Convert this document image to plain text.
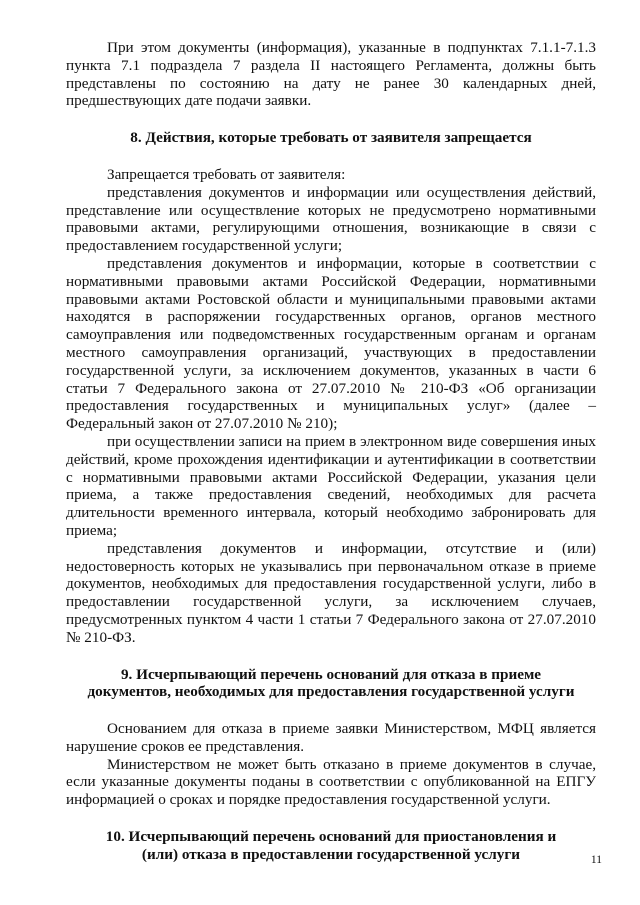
При этом документы (информация), указанные в подпунктах 7.1.1-7.1.3 пункта 7.1 подраздела 7 раздела II настоящего Регламента, должны быть представлены по состоянию на дату не ранее 30 календарных дней, предшествующих дате подачи заявки.

8. Действия, которые требовать от заявителя запрещается

Запрещается требовать от заявителя:

представления документов и информации или осуществления действий, представление или осуществление которых не предусмотрено нормативными правовыми актами, регулирующими отношения, возникающие в связи с предоставлением государственной услуги;

представления документов и информации, которые в соответствии с нормативными правовыми актами Российской Федерации, нормативными правовыми актами Ростовской области и муниципальными правовыми актами находятся в распоряжении государственных органов, органов местного самоуправления или подведомственных государственным органам и органам местного самоуправления организаций, участвующих в предоставлении государственной услуги, за исключением документов, указанных в части 6 статьи 7 Федерального закона от 27.07.2010 № 210-ФЗ «Об организации предоставления государственных и муниципальных услуг» (далее – Федеральный закон от 27.07.2010 № 210);

при осуществлении записи на прием в электронном виде совершения иных действий, кроме прохождения идентификации и аутентификации в соответствии с нормативными правовыми актами Российской Федерации, указания цели приема, а также предоставления сведений, необходимых для расчета длительности временного интервала, который необходимо забронировать для приема;

представления документов и информации, отсутствие и (или) недостоверность которых не указывались при первоначальном отказе в приеме документов, необходимых для предоставления государственной услуги, либо в предоставлении государственной услуги, за исключением случаев, предусмотренных пунктом 4 части 1 статьи 7 Федерального закона от 27.07.2010 № 210-ФЗ.

9. Исчерпывающий перечень оснований для отказа в приеме
документов, необходимых для предоставления государственной услуги

Основанием для отказа в приеме заявки Министерством, МФЦ является нарушение сроков ее представления.

Министерством не может быть отказано в приеме документов в случае, если указанные документы поданы в соответствии с опубликованной на ЕПГУ информацией о сроках и порядке предоставления государственной услуги.

10. Исчерпывающий перечень оснований для приостановления и
(или) отказа в предоставлении государственной услуги	11
